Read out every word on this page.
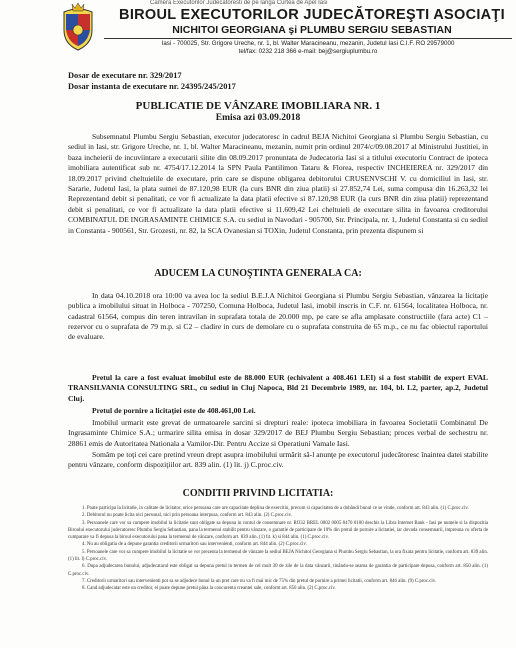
Camera Executorilor Judecatoresti de pe langa Curtea de Apel Iasi
BIROUL EXECUTORILOR JUDECĂTOREŞTI ASOCIAŢI
NICHITOI GEORGIANA şi PLUMBU SERGIU SEBASTIAN
Iasi - 700025, Str. Grigore Ureche, nr. 1, bl. Walter Maracineanu, mezanin, Judetul Iasi C.I.F. RO 29579000
tel/fax: 0232 218 366 e-mail: bej@sergiuplumbu.ro
Dosar de executare nr. 329/2017
Dosar instanta de executare nr. 24395/245/2017
PUBLICATIE DE VÂNZARE IMOBILIARA NR. 1
Emisa azi 03.09.2018
Subsemnatul Plumbu Sergiu Sebastian, executor judecatoresc in cadrul BEJA Nichitoi Georgiana si Plumbu Sergiu Sebastian, cu sediul in Iasi, str. Grigore Ureche, nr. 1, bl. Walter Maracineanu, mezanin, numit prin ordinul 2074/c/09.08.2017 al Ministrului Justitiei, in baza incheierii de incuviintare a executarii silite din 08.09.2017 pronuntata de Judecatoria Iasi si a titlului executoriu Contract de ipoteca imobiliara autentificat sub nr. 4754/17.12.2014 la SPN Paula Pantilimon Tataru & Florea, respectiv INCHEIEREA nr. 329/2017 din 18.09.2017 privind cheltuielile de executare, prin care se dispune obligarea debitorului CRUSENVSCHI V. cu domiciliul in Iasi, str. Sararie, Judetul Iasi, la plata sumei de 87.120,98 EUR (la curs BNR din ziua platii) si 27.852,74 Lei, suma compusa din 16.263,32 lei Reprezentand debit si penalitati, ce vor fi actualizate la data platii efective si 87.120,98 EUR (la curs BNR din ziua platii) reprezentand debit si penalitati, ce vor fi actualizate la data platii efective si 11.609,42 Lei cheltuieli de executare silita in favoarea creditorului COMBINATUL DE INGRASAMINTE CHIMICE S.A. cu sediul in Navodari - 905700, Str. Principala, nr. 1, Judetul Constanta si cu sediul in Constanta - 900561, Str. Grozesti, nr. 82, la SCA Ovanesian si TOXin, Judetul Constanta, prin prezenta dispunem si
ADUCEM LA CUNOŞTINTA GENERALA CA:
In data 04.10.2018 ora 10:00 va avea loc la sediul B.E.J.A Nichitoi Georgiana si Plumbu Sergiu Sebastian, vânzarea la licitaţie publica a imobilului situat in Holboca - 707250, Comuna Holboca, Judetul Iasi, imobil inscris in C.F. nr. 61564, localitatea Holboca, nr. cadastral 61564, compus din teren intravilan in suprafata totala de 20.000 mp, pe care se afla amplasate constructiile (fara acte) C1 – rezervor cu o suprafata de 79 m.p. si C2 – cladire in curs de demolare cu o suprafata construita de 65 m.p., ce nu fac obiectul raportului de evaluare.
Pretul la care a fost evaluat imobilul este de 88.000 EUR (echivalent a 408.461 LEI) si a fost stabilit de expert EVAL TRANSILVANIA CONSULTING SRL, cu sediul in Cluj Napoca, Bld 21 Decembrie 1989, nr. 104, bl. L2, parter, ap.2, Judetul Cluj.
Pretul de pornire a licitaţiei este de 408.461,00 Lei.
Imobilul urmarit este grevat de urmatoarele sarcini si drepturi reale: ipoteca imobiliara in favoarea Societatii Combinatul De Ingrasaminte Chimice S.A.; urmarire silita emisa in dosar 329/2017 de BEJ Plumbu Sergiu Sebastian; proces verbal de sechestru nr. 28861 emis de Autoritatea Nationala a Vamilor-Dir. Pentru Accize si Operatiuni Vamale Iasi.
Somăm pe toţi cei care pretind vreun drept asupra imobilului urmărit să-l anunţe pe executorul judecătoresc înaintea datei stabilite pentru vânzare, conform dispoziţiilor art. 839 alin. (1) lit. j) C.proc.civ.
CONDITII PRIVIND LICITATIA:

1. Poate participa la licitatie, in calitate de licitator, orice persoana care are capacitate deplina de exercitiu, precum si capacitatea de a dobândi bunul ce se vinde, conform art. 843 alin. (1) C.proc.civ.

2. Debitorul nu poate licita nici personal, nici prin persoana interpusa, conform art. 843 alin. (2) C.proc.civ.

3. Persoanele care vor sa cumpere imobilul la licitatie sunt obligate sa depuna in contul de consemnare nr. RO32 BREL 0002 0005 8470 0100 deschis la Libra Internet Bank - Iasi pe numele si la dispozitia Biroului executorului judecatoresc Plumbu Sergiu Sebastian, pana la termenul stabilit pentru vânzare, o garantie de participare de 10% din pretul de pornire a licitatiei, iar dovada consemnarii, impreuna cu oferta de cumparare va fi depusa la biroul executorului pana la termenul de vânzare, conform art. 839 alin. (1) lit. k) si 844 alin. (1) C.proc.civ.

4. Nu au obligatia de a depune garantia creditorii urmaritori sau intervenienti, conform art. 844 alin. (2) C.proc.civ.

5. Persoanele care vor sa cumpere imobilul la licitatie se vor prezenta la termenul de vânzare la sediul BEJA Nichitoi Georgiana si Plumbu Sergiu Sebastian, la ora fixata pentru licitatie, conform art. 839 alin. (1) lit. l) C.proc.civ.

6. Dupa adjudecarea bunului, adjudecatarul este obligat sa depuna pretul in termen de cel mult 30 de zile de la data vânzarii, tinându-se seama de garantia de participare depusa, conform art. 850 alin. (1) C.proc.civ.

7. Creditorii urmaritori sau intervenienti pot sa se adjudece bunul la un pret care nu va fi mai mic de 75% din pretul de pornire a primei licitatii, conform art. 846 alin. (9) C.proc.civ.

8. Cand adjudecatar este un creditor, el poate depune pretul pâna la concurenta creantei sale, conform art. 850 alin. (2) C.proc.civ.
